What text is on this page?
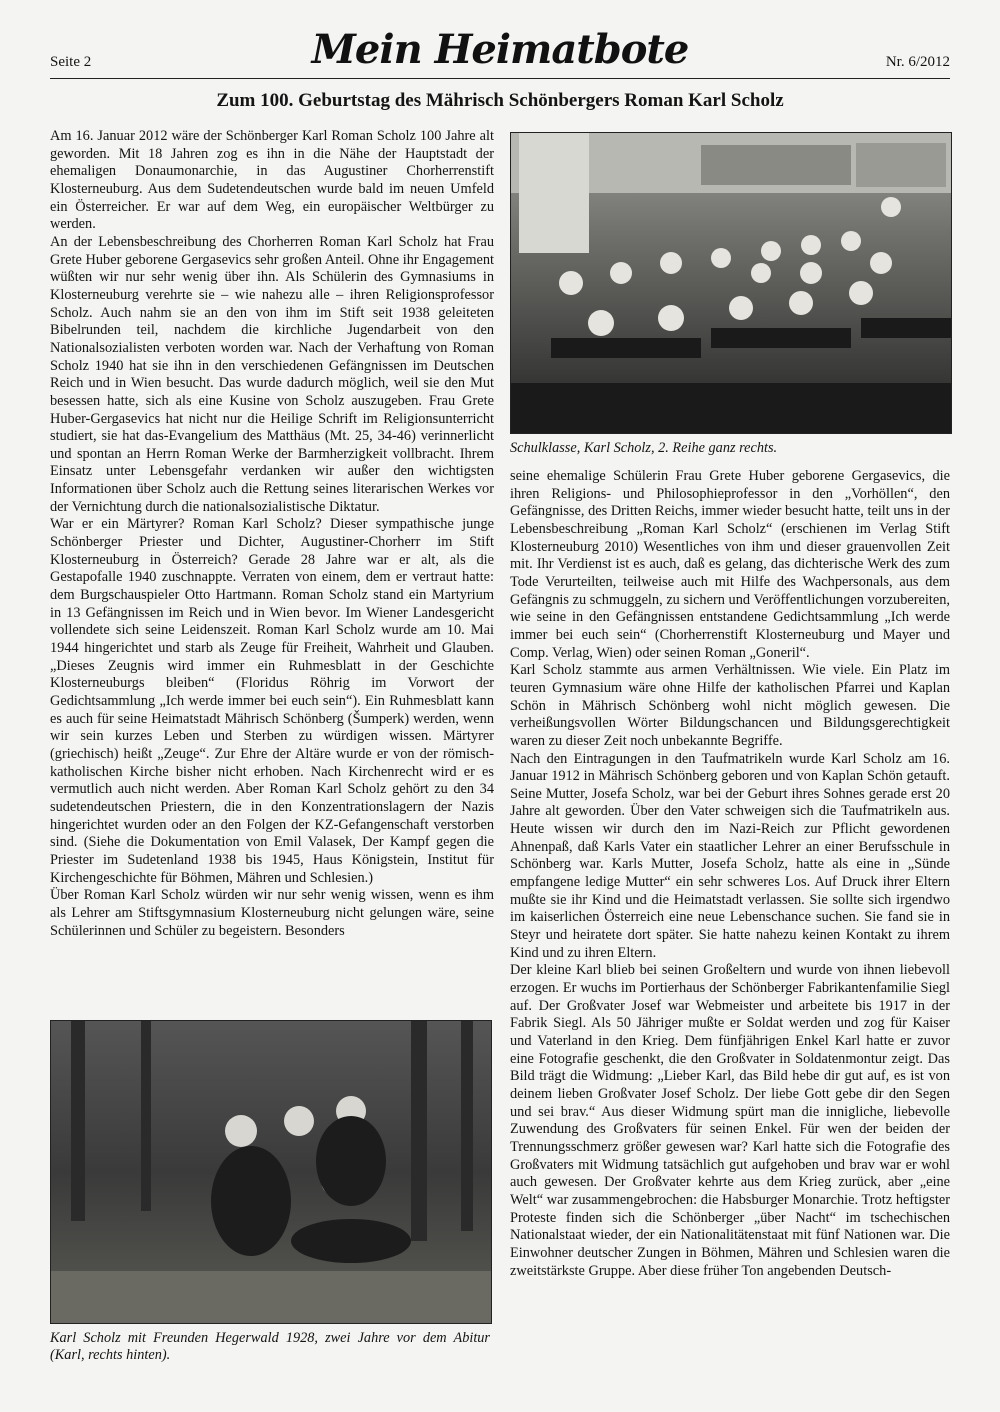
Seite 2	Mein Heimatbote	Nr. 6/2012
Zum 100. Geburtstag des Mährisch Schönbergers Roman Karl Scholz

Am 16. Januar 2012 wäre der Schönberger Karl Roman Scholz 100 Jahre alt geworden. Mit 18 Jahren zog es ihn in die Nähe der Hauptstadt der ehemaligen Donaumonarchie, in das Augustiner Chorherrenstift Klosterneuburg. Aus dem Sudetendeutschen wurde bald im neuen Umfeld ein Österreicher. Er war auf dem Weg, ein europäischer Weltbürger zu werden.

An der Lebensbeschreibung des Chorherren Roman Karl Scholz hat Frau Grete Huber geborene Gergasevics sehr großen Anteil. Ohne ihr Engagement wüßten wir nur sehr wenig über ihn. Als Schülerin des Gymnasiums in Klosterneuburg verehrte sie – wie nahezu alle – ihren Religionsprofessor Scholz. Auch nahm sie an den von ihm im Stift seit 1938 geleiteten Bibelrunden teil, nachdem die kirchliche Jugendarbeit von den Nationalsozialisten verboten worden war. Nach der Verhaftung von Roman Scholz 1940 hat sie ihn in den verschiedenen Gefängnissen im Deutschen Reich und in Wien besucht. Das wurde dadurch möglich, weil sie den Mut besessen hatte, sich als eine Kusine von Scholz auszugeben. Frau Grete Huber-Gergasevics hat nicht nur die Heilige Schrift im Religionsunterricht studiert, sie hat das-Evangelium des Matthäus (Mt. 25, 34-46) verinnerlicht und spontan an Herrn Roman Werke der Barmherzigkeit vollbracht. Ihrem Einsatz unter Lebensgefahr verdanken wir außer den wichtigsten Informationen über Scholz auch die Rettung seines literarischen Werkes vor der Vernichtung durch die nationalsozialistische Diktatur.

War er ein Märtyrer? Roman Karl Scholz? Dieser sympathische junge Schönberger Priester und Dichter, Augustiner-Chorherr im Stift Klosterneuburg in Österreich? Gerade 28 Jahre war er alt, als die Gestapofalle 1940 zuschnappte. Verraten von einem, dem er vertraut hatte: dem Burgschauspieler Otto Hartmann. Roman Scholz stand ein Martyrium in 13 Gefängnissen im Reich und in Wien bevor. Im Wiener Landesgericht vollendete sich seine Leidenszeit. Roman Karl Scholz wurde am 10. Mai 1944 hingerichtet und starb als Zeuge für Freiheit, Wahrheit und Glauben. „Dieses Zeugnis wird immer ein Ruhmesblatt in der Geschichte Klosterneuburgs bleiben“ (Floridus Röhrig im Vorwort der Gedichtsammlung „Ich werde immer bei euch sein“). Ein Ruhmesblatt kann es auch für seine Heimatstadt Mährisch Schönberg (Šumperk) werden, wenn wir sein kurzes Leben und Sterben zu würdigen wissen. Märtyrer (griechisch) heißt „Zeuge“. Zur Ehre der Altäre wurde er von der römisch-katholischen Kirche bisher nicht erhoben. Nach Kirchenrecht wird er es vermutlich auch nicht werden. Aber Roman Karl Scholz gehört zu den 34 sudetendeutschen Priestern, die in den Konzentrationslagern der Nazis hingerichtet wurden oder an den Folgen der KZ-Gefangenschaft verstorben sind. (Siehe die Dokumentation von Emil Valasek, Der Kampf gegen die Priester im Sudetenland 1938 bis 1945, Haus Königstein, Institut für Kirchengeschichte für Böhmen, Mähren und Schlesien.)

Über Roman Karl Scholz würden wir nur sehr wenig wissen, wenn es ihm als Lehrer am Stiftsgymnasium Klosterneuburg nicht gelungen wäre, seine Schülerinnen und Schüler zu begeistern. Besonders

Schulklasse, Karl Scholz, 2. Reihe ganz rechts.

seine ehemalige Schülerin Frau Grete Huber geborene Gergasevics, die ihren Religions- und Philosophieprofessor in den „Vorhöllen“, den Gefängnisse, des Dritten Reichs, immer wieder besucht hatte, teilt uns in der Lebensbeschreibung „Roman Karl Scholz“ (erschienen im Verlag Stift Klosterneuburg 2010) Wesentliches von ihm und dieser grauenvollen Zeit mit. Ihr Verdienst ist es auch, daß es gelang, das dichterische Werk des zum Tode Verurteilten, teilweise auch mit Hilfe des Wachpersonals, aus dem Gefängnis zu schmuggeln, zu sichern und Veröffentlichungen vorzubereiten, wie seine in den Gefängnissen entstandene Gedichtsammlung „Ich werde immer bei euch sein“ (Chorherrenstift Klosterneuburg und Mayer und Comp. Verlag, Wien) oder seinen Roman „Goneril“.

Karl Scholz stammte aus armen Verhältnissen. Wie viele. Ein Platz im teuren Gymnasium wäre ohne Hilfe der katholischen Pfarrei und Kaplan Schön in Mährisch Schönberg wohl nicht möglich gewesen. Die verheißungsvollen Wörter Bildungschancen und Bildungsgerechtigkeit waren zu dieser Zeit noch unbekannte Begriffe.

Nach den Eintragungen in den Taufmatrikeln wurde Karl Scholz am 16. Januar 1912 in Mährisch Schönberg geboren und von Kaplan Schön getauft. Seine Mutter, Josefa Scholz, war bei der Geburt ihres Sohnes gerade erst 20 Jahre alt geworden. Über den Vater schweigen sich die Taufmatrikeln aus. Heute wissen wir durch den im Nazi-Reich zur Pflicht gewordenen Ahnenpaß, daß Karls Vater ein staatlicher Lehrer an einer Berufsschule in Schönberg war. Karls Mutter, Josefa Scholz, hatte als eine in „Sünde empfangene ledige Mutter“ ein sehr schweres Los. Auf Druck ihrer Eltern mußte sie ihr Kind und die Heimatstadt verlassen. Sie sollte sich irgendwo im kaiserlichen Österreich eine neue Lebenschance suchen. Sie fand sie in Steyr und heiratete dort später. Sie hatte nahezu keinen Kontakt zu ihrem Kind und zu ihren Eltern.

Der kleine Karl blieb bei seinen Großeltern und wurde von ihnen liebevoll erzogen. Er wuchs im Portierhaus der Schönberger Fabrikantenfamilie Siegl auf. Der Großvater Josef war Webmeister und arbeitete bis 1917 in der Fabrik Siegl. Als 50 Jähriger mußte er Soldat werden und zog für Kaiser und Vaterland in den Krieg. Dem fünfjährigen Enkel Karl hatte er zuvor eine Fotografie geschenkt, die den Großvater in Soldatenmontur zeigt. Das Bild trägt die Widmung: „Lieber Karl, das Bild hebe dir gut auf, es ist von deinem lieben Großvater Josef Scholz. Der liebe Gott gebe dir den Segen und sei brav.“ Aus dieser Widmung spürt man die innigliche, liebevolle Zuwendung des Großvaters für seinen Enkel. Für wen der beiden der Trennungsschmerz größer gewesen war? Karl hatte sich die Fotografie des Großvaters mit Widmung tatsächlich gut aufgehoben und brav war er wohl auch gewesen. Der Großvater kehrte aus dem Krieg zurück, aber „eine Welt“ war zusammengebrochen: die Habsburger Monarchie. Trotz heftigster Proteste finden sich die Schönberger „über Nacht“ im tschechischen Nationalstaat wieder, der ein Nationalitätenstaat mit fünf Nationen war. Die Einwohner deutscher Zungen in Böhmen, Mähren und Schlesien waren die zweitstärkste Gruppe. Aber diese früher Ton angebenden Deutsch-

Karl Scholz mit Freunden Hegerwald 1928, zwei Jahre vor dem Abitur (Karl, rechts hinten).
